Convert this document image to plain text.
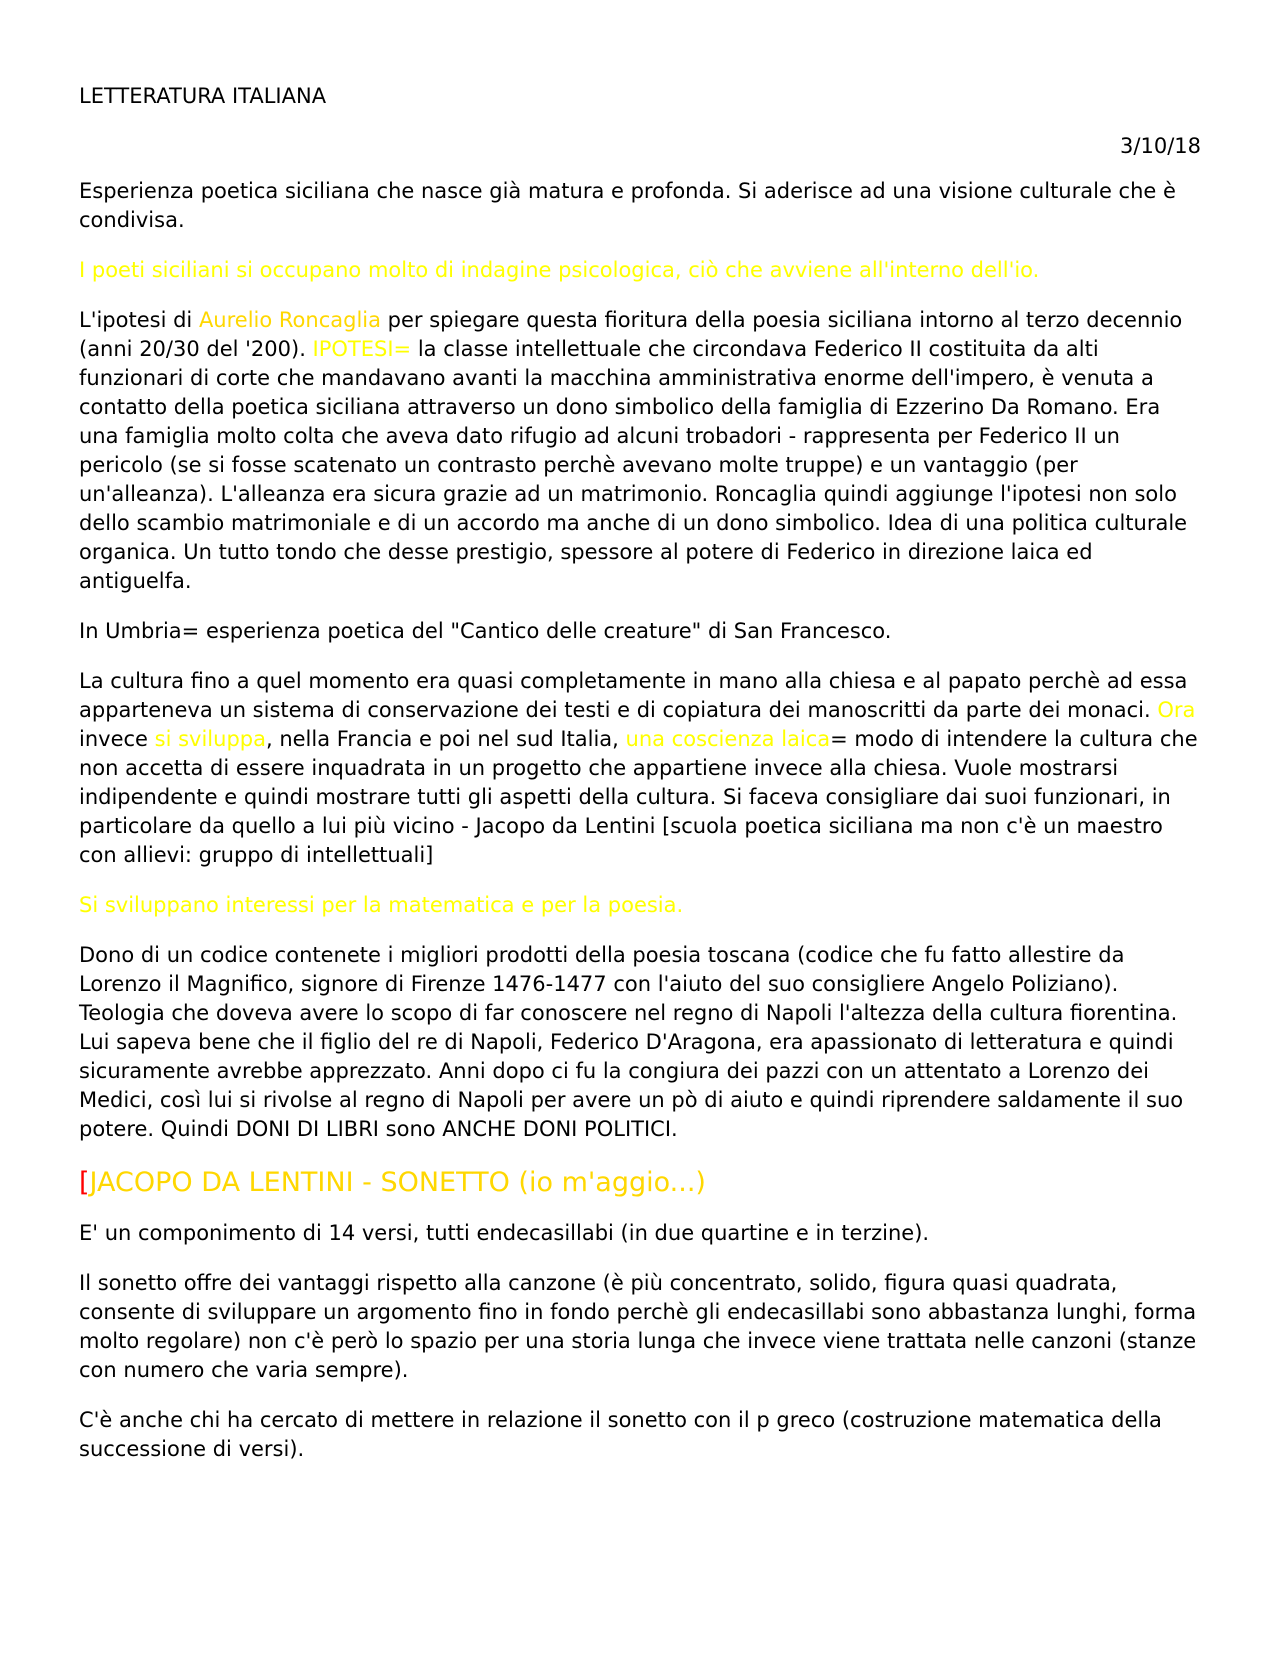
LETTERATURA ITALIANA
3/10/18

Esperienza poetica siciliana che nasce già matura e profonda. Si aderisce ad una visione culturale che è condivisa.

I poeti siciliani si occupano molto di indagine psicologica, ciò che avviene all'interno dell'io.

L'ipotesi di Aurelio Roncaglia per spiegare questa fioritura della poesia siciliana intorno al terzo decennio (anni 20/30 del '200). IPOTESI= la classe intellettuale che circondava Federico II costituita da alti funzionari di corte che mandavano avanti la macchina amministrativa enorme dell'impero, è venuta a contatto della poetica siciliana attraverso un dono simbolico della famiglia di Ezzerino Da Romano. Era una famiglia molto colta che aveva dato rifugio ad alcuni trobadori - rappresenta per Federico II un pericolo (se si fosse scatenato un contrasto perchè avevano molte truppe) e un vantaggio (per un'alleanza). L'alleanza era sicura grazie ad un matrimonio. Roncaglia quindi aggiunge l'ipotesi non solo dello scambio matrimoniale e di un accordo ma anche di un dono simbolico. Idea di una politica culturale organica. Un tutto tondo che desse prestigio, spessore al potere di Federico in direzione laica ed antiguelfa.

In Umbria= esperienza poetica del "Cantico delle creature" di San Francesco.

La cultura fino a quel momento era quasi completamente in mano alla chiesa e al papato perchè ad essa apparteneva un sistema di conservazione dei testi e di copiatura dei manoscritti da parte dei monaci. Ora invece si sviluppa, nella Francia e poi nel sud Italia, una coscienza laica= modo di intendere la cultura che non accetta di essere inquadrata in un progetto che appartiene invece alla chiesa. Vuole mostrarsi indipendente e quindi mostrare tutti gli aspetti della cultura. Si faceva consigliare dai suoi funzionari, in particolare da quello a lui più vicino - Jacopo da Lentini [scuola poetica siciliana ma non c'è un maestro con allievi: gruppo di intellettuali]

Si sviluppano interessi per la matematica e per la poesia.

Dono di un codice contenete i migliori prodotti della poesia toscana (codice che fu fatto allestire da Lorenzo il Magnifico, signore di Firenze 1476-1477 con l'aiuto del suo consigliere Angelo Poliziano). Teologia che doveva avere lo scopo di far conoscere nel regno di Napoli l'altezza della cultura fiorentina. Lui sapeva bene che il figlio del re di Napoli, Federico D'Aragona, era apassionato di letteratura e quindi sicuramente avrebbe apprezzato. Anni dopo ci fu la congiura dei pazzi con un attentato a Lorenzo dei Medici, così lui si rivolse al regno di Napoli per avere un pò di aiuto e quindi riprendere saldamente il suo potere. Quindi DONI DI LIBRI sono ANCHE DONI POLITICI.

[JACOPO DA LENTINI - SONETTO (io m'aggio...)

E' un componimento di 14 versi, tutti endecasillabi (in due quartine e in terzine).

Il sonetto offre dei vantaggi rispetto alla canzone (è più concentrato, solido, figura quasi quadrata, consente di sviluppare un argomento fino in fondo perchè gli endecasillabi sono abbastanza lunghi, forma molto regolare) non c'è però lo spazio per una storia lunga che invece viene trattata nelle canzoni (stanze con numero che varia sempre).

C'è anche chi ha cercato di mettere in relazione il sonetto con il p greco (costruzione matematica della successione di versi).
